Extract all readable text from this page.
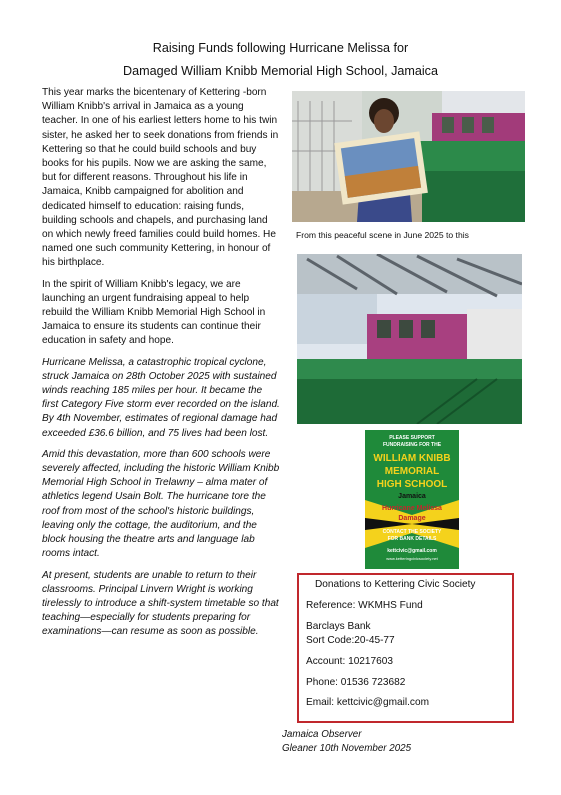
Raising Funds following Hurricane Melissa for
Damaged William Knibb Memorial High School, Jamaica

This year marks the bicentenary of Kettering -born William Knibb's arrival in Jamaica as a young teacher. In one of his earliest letters home to his twin sister, he asked her to seek donations from friends in Kettering so that he could build schools and buy books for his pupils. Now we are asking the same, but for different reasons. Throughout his life in Jamaica, Knibb campaigned for abolition and dedicated himself to education: raising funds, building schools and chapels, and purchasing land on which newly freed families could build homes. He named one such community Kettering, in honour of his birthplace.

In the spirit of William Knibb's legacy, we are launching an urgent fundraising appeal to help rebuild the William Knibb Memorial High School in Jamaica to ensure its students can continue their education in safety and hope.

Hurricane Melissa, a catastrophic tropical cyclone, struck Jamaica on 28th October 2025 with sustained winds reaching 185 miles per hour. It became the first Category Five storm ever recorded on the island. By 4th November, estimates of regional damage had exceeded £36.6 billion, and 75 lives had been lost.

Amid this devastation, more than 600 schools were severely affected, including the historic William Knibb Memorial High School in Trelawny – alma mater of athletics legend Usain Bolt. The hurricane tore the roof from most of the school's historic buildings, leaving only the cottage, the auditorium, and the block housing the theatre arts and language lab rooms intact.

At present, students are unable to return to their classrooms. Principal Linvern Wright is working tirelessly to introduce a shift-system timetable so that teaching—especially for students preparing for examinations—can resume as soon as possible.

From this peaceful scene in June 2025 to this
PLEASE SUPPORT
FUNDRAISING FOR THE
WILLIAM KNIBB
MEMORIAL
HIGH SCHOOL
Jamaica
Hurricane Melissa
Damage
CONTACT THE SOCIETY
FOR BANK DETAILS
kettcivic@gmail.com
www.ketteringcivicsociety.net
Donations to Kettering Civic Society
Reference: WKMHS Fund
Barclays Bank
Sort Code:20-45-77
Account: 10217603
Phone: 01536 723682
Email: kettcivic@gmail.com
Jamaica Observer
Gleaner 10th November 2025
